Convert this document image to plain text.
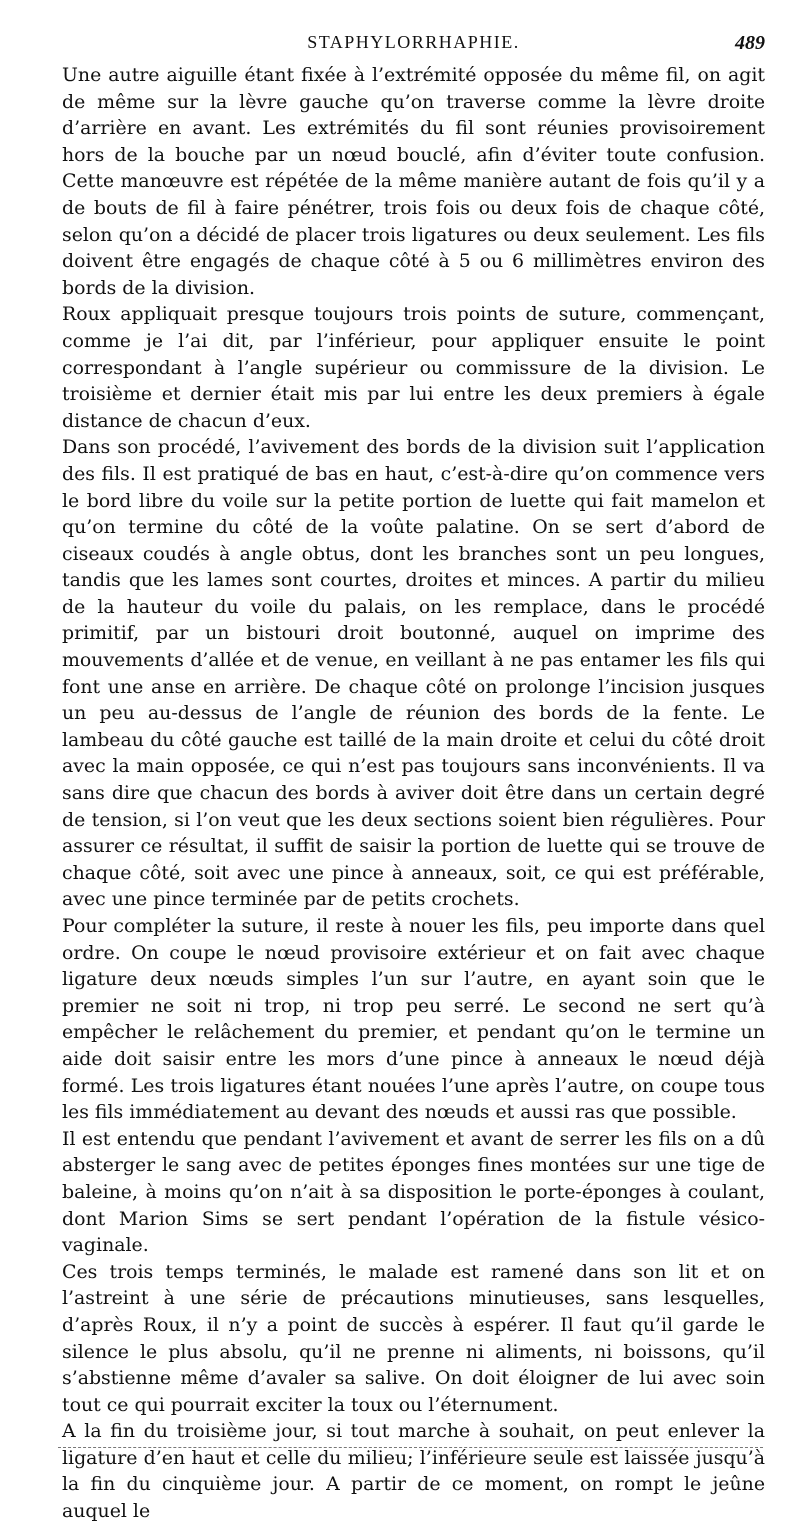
STAPHYLORRHAPHIE.	489

Une autre aiguille étant fixée à l’extrémité opposée du même fil, on agit de même sur la lèvre gauche qu’on traverse comme la lèvre droite d’arrière en avant. Les extrémités du fil sont réunies provisoirement hors de la bouche par un nœud bouclé, afin d’éviter toute confusion. Cette manœuvre est répétée de la même manière autant de fois qu’il y a de bouts de fil à faire pénétrer, trois fois ou deux fois de chaque côté, selon qu’on a décidé de placer trois ligatures ou deux seulement. Les fils doivent être engagés de chaque côté à 5 ou 6 millimètres environ des bords de la division.

Roux appliquait presque toujours trois points de suture, commençant, comme je l’ai dit, par l’inférieur, pour appliquer ensuite le point correspondant à l’angle supérieur ou commissure de la division. Le troisième et dernier était mis par lui entre les deux premiers à égale distance de chacun d’eux.

Dans son procédé, l’avivement des bords de la division suit l’application des fils. Il est pratiqué de bas en haut, c’est-à-dire qu’on commence vers le bord libre du voile sur la petite portion de luette qui fait mamelon et qu’on termine du côté de la voûte palatine. On se sert d’abord de ciseaux coudés à angle obtus, dont les branches sont un peu longues, tandis que les lames sont courtes, droites et minces. A partir du milieu de la hauteur du voile du palais, on les remplace, dans le procédé primitif, par un bistouri droit boutonné, auquel on imprime des mouvements d’allée et de venue, en veillant à ne pas entamer les fils qui font une anse en arrière. De chaque côté on prolonge l’incision jusques un peu au-dessus de l’angle de réunion des bords de la fente. Le lambeau du côté gauche est taillé de la main droite et celui du côté droit avec la main opposée, ce qui n’est pas toujours sans inconvénients. Il va sans dire que chacun des bords à aviver doit être dans un certain degré de tension, si l’on veut que les deux sections soient bien régulières. Pour assurer ce résultat, il suffit de saisir la portion de luette qui se trouve de chaque côté, soit avec une pince à anneaux, soit, ce qui est préférable, avec une pince terminée par de petits crochets.

Pour compléter la suture, il reste à nouer les fils, peu importe dans quel ordre. On coupe le nœud provisoire extérieur et on fait avec chaque ligature deux nœuds simples l’un sur l’autre, en ayant soin que le premier ne soit ni trop, ni trop peu serré. Le second ne sert qu’à empêcher le relâchement du premier, et pendant qu’on le termine un aide doit saisir entre les mors d’une pince à anneaux le nœud déjà formé. Les trois ligatures étant nouées l’une après l’autre, on coupe tous les fils immédiatement au devant des nœuds et aussi ras que possible.

Il est entendu que pendant l’avivement et avant de serrer les fils on a dû absterger le sang avec de petites éponges fines montées sur une tige de baleine, à moins qu’on n’ait à sa disposition le porte-éponges à coulant, dont Marion Sims se sert pendant l’opération de la fistule vésico-vaginale.

Ces trois temps terminés, le malade est ramené dans son lit et on l’astreint à une série de précautions minutieuses, sans lesquelles, d’après Roux, il n’y a point de succès à espérer. Il faut qu’il garde le silence le plus absolu, qu’il ne prenne ni aliments, ni boissons, qu’il s’abstienne même d’avaler sa salive. On doit éloigner de lui avec soin tout ce qui pourrait exciter la toux ou l’éternument.

A la fin du troisième jour, si tout marche à souhait, on peut enlever la ligature d’en haut et celle du milieu; l’inférieure seule est laissée jusqu’à la fin du cinquième jour. A partir de ce moment, on rompt le jeûne auquel le
